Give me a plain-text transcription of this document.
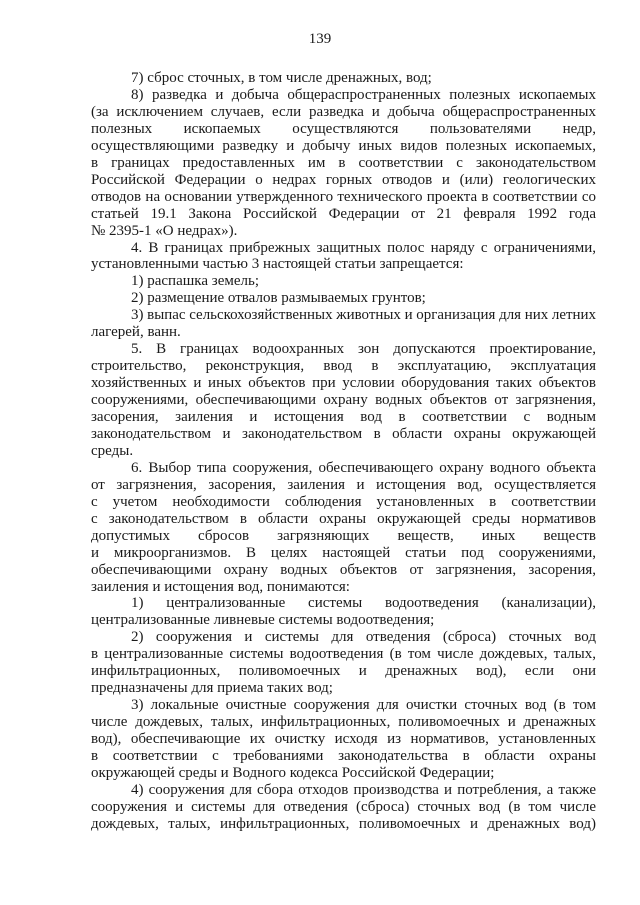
139
7) сброс сточных, в том числе дренажных, вод;
8) разведка и добыча общераспространенных полезных ископаемых
(за исключением случаев, если разведка и добыча общераспространенных
полезных ископаемых осуществляются пользователями недр,
осуществляющими разведку и добычу иных видов полезных ископаемых,
в границах предоставленных им в соответствии с законодательством
Российской Федерации о недрах горных отводов и (или) геологических
отводов на основании утвержденного технического проекта в соответствии со
статьей 19.1 Закона Российской Федерации от 21 февраля 1992 года
№ 2395-1 «О недрах»).
4. В границах прибрежных защитных полос наряду с ограничениями,
установленными частью 3 настоящей статьи запрещается:
1) распашка земель;
2) размещение отвалов размываемых грунтов;
3) выпас сельскохозяйственных животных и организация для них летних
лагерей, ванн.
5. В границах водоохранных зон допускаются проектирование,
строительство, реконструкция, ввод в эксплуатацию, эксплуатация
хозяйственных и иных объектов при условии оборудования таких объектов
сооружениями, обеспечивающими охрану водных объектов от загрязнения,
засорения, заиления и истощения вод в соответствии с водным
законодательством и законодательством в области охраны окружающей
среды.
6. Выбор типа сооружения, обеспечивающего охрану водного объекта
от загрязнения, засорения, заиления и истощения вод, осуществляется
с учетом необходимости соблюдения установленных в соответствии
с законодательством в области охраны окружающей среды нормативов
допустимых сбросов загрязняющих веществ, иных веществ
и микроорганизмов. В целях настоящей статьи под сооружениями,
обеспечивающими охрану водных объектов от загрязнения, засорения,
заиления и истощения вод, понимаются:
1) централизованные системы водоотведения (канализации),
централизованные ливневые системы водоотведения;
2) сооружения и системы для отведения (сброса) сточных вод
в централизованные системы водоотведения (в том числе дождевых, талых,
инфильтрационных, поливомоечных и дренажных вод), если они
предназначены для приема таких вод;
3) локальные очистные сооружения для очистки сточных вод (в том
числе дождевых, талых, инфильтрационных, поливомоечных и дренажных
вод), обеспечивающие их очистку исходя из нормативов, установленных
в соответствии с требованиями законодательства в области охраны
окружающей среды и Водного кодекса Российской Федерации;
4) сооружения для сбора отходов производства и потребления, а также
сооружения и системы для отведения (сброса) сточных вод (в том числе
дождевых, талых, инфильтрационных, поливомоечных и дренажных вод)
